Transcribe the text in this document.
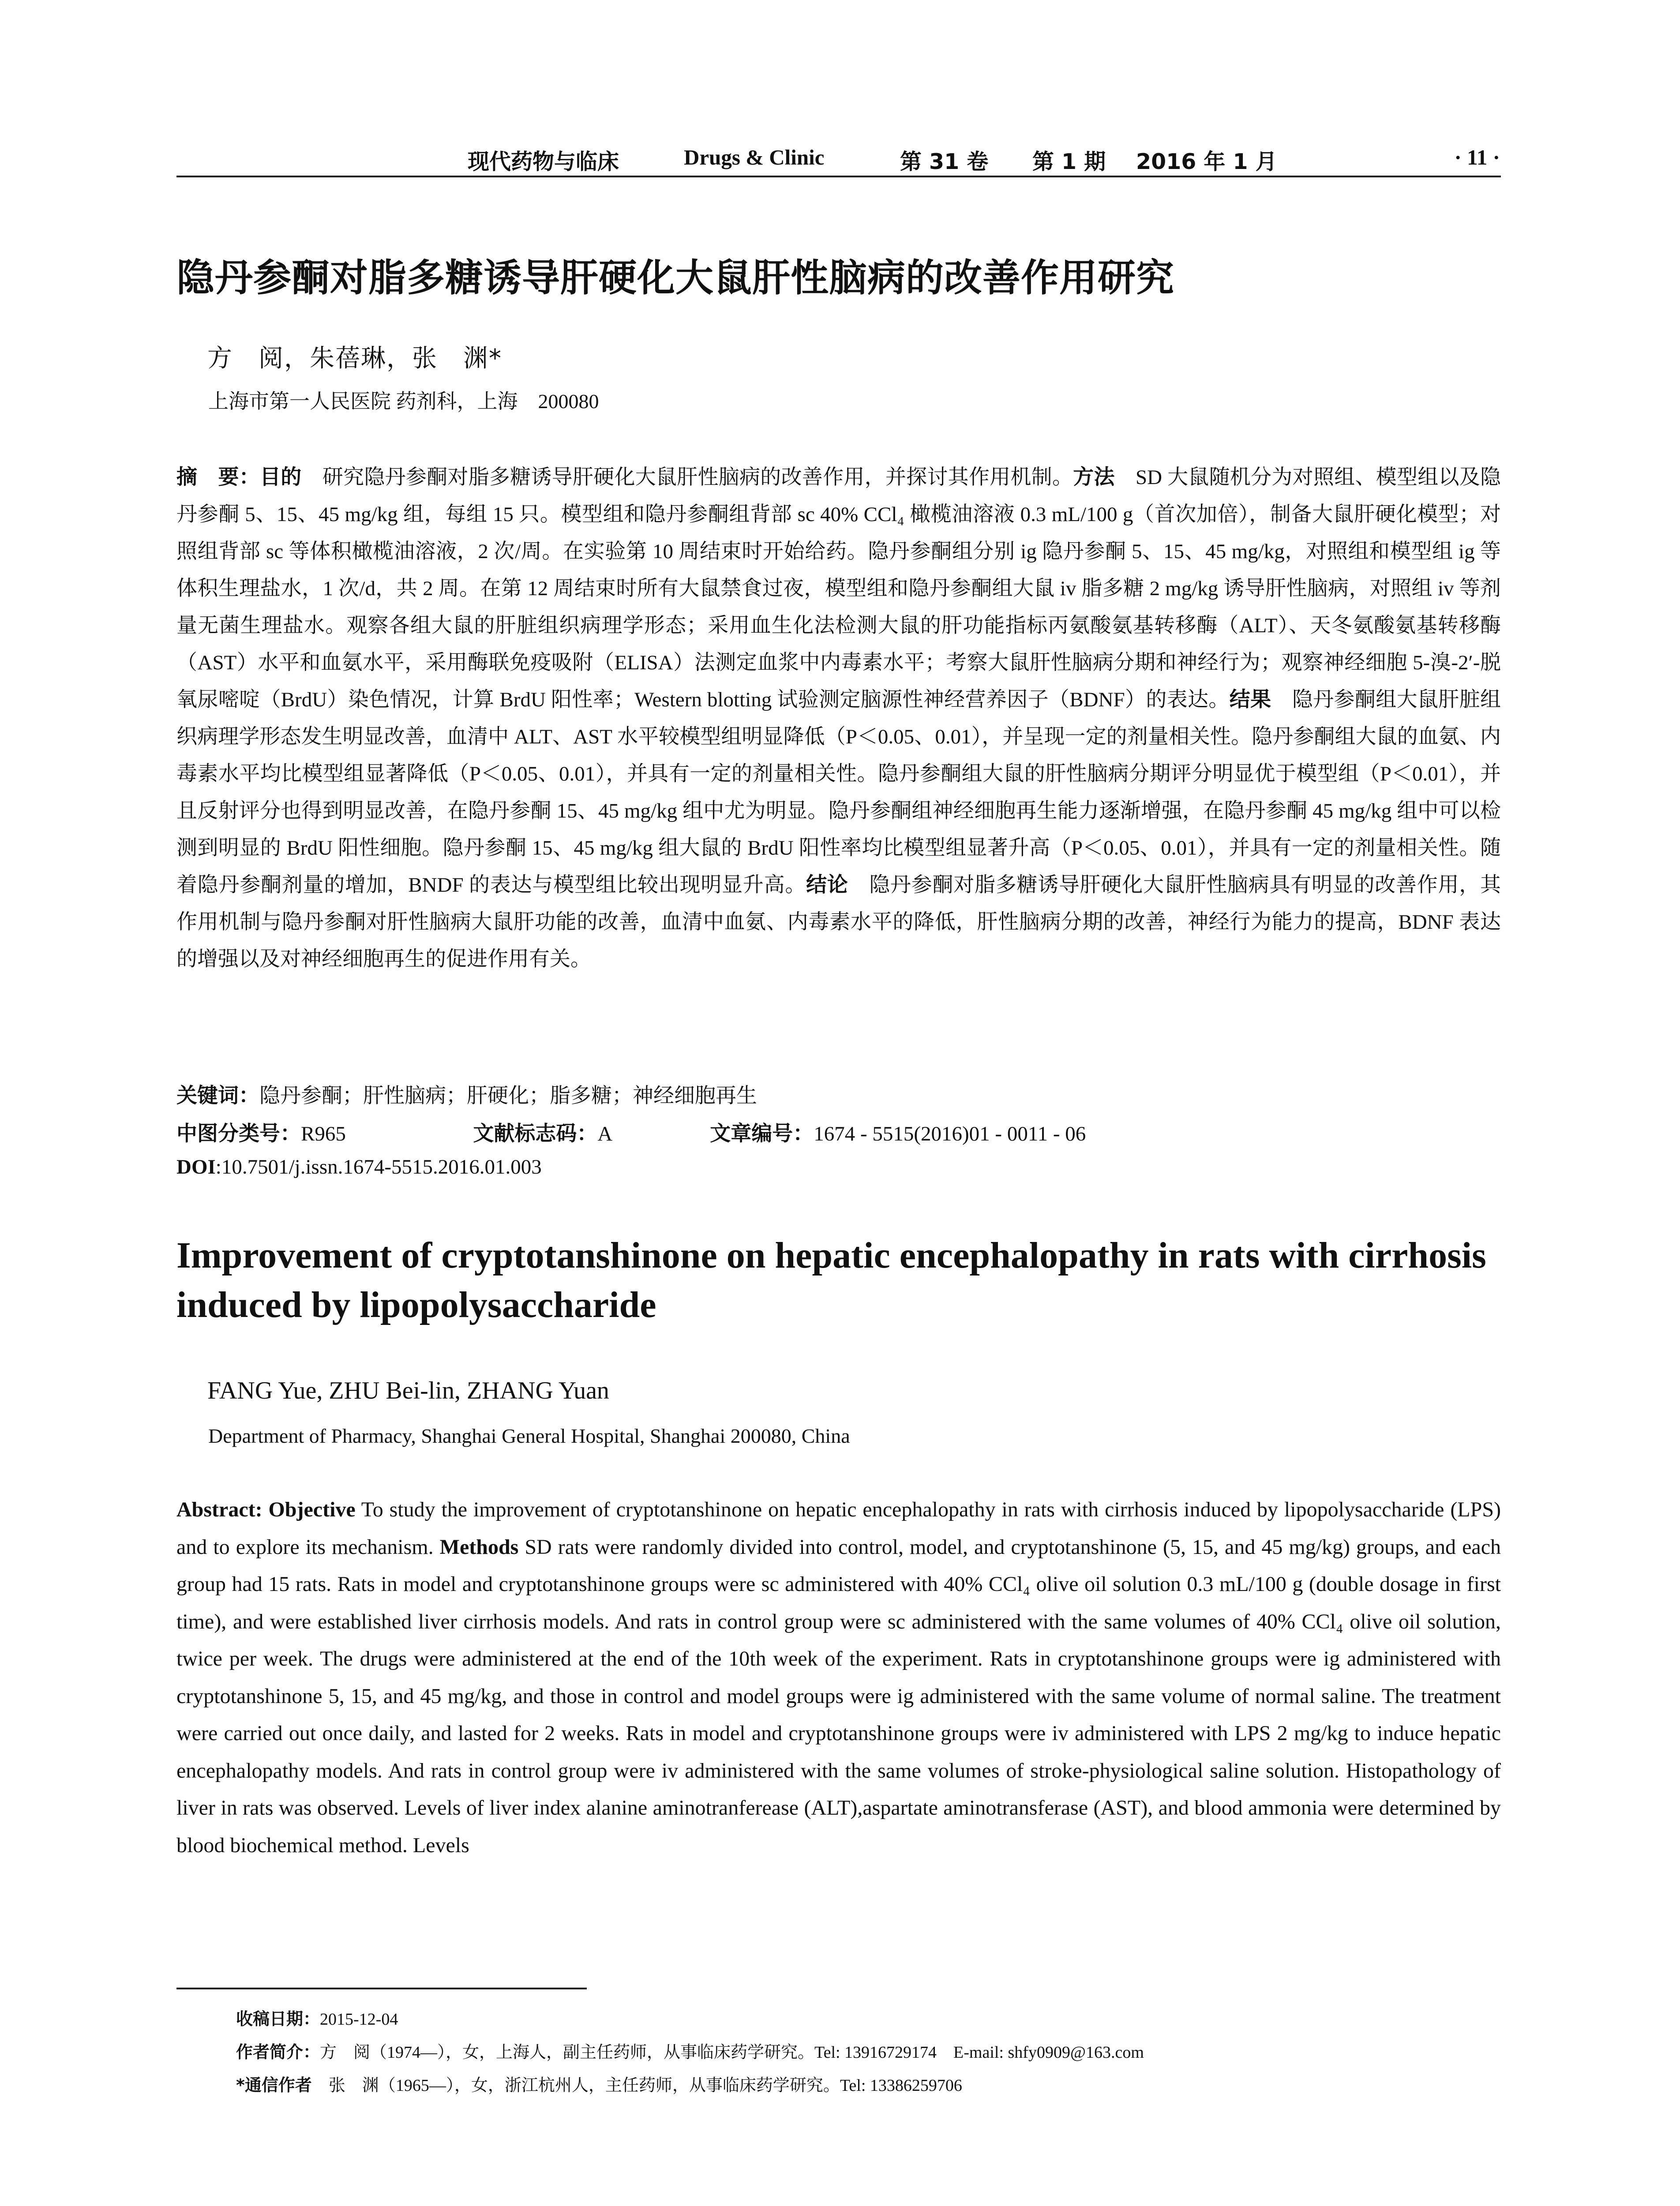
现代药物与临床	Drugs & Clinic	第 31 卷 第 1 期 2016 年 1 月	· 11 ·
隐丹参酮对脂多糖诱导肝硬化大鼠肝性脑病的改善作用研究
方　阅，朱蓓琳，张　渊*
上海市第一人民医院 药剂科，上海　200080
摘　要：目的　研究隐丹参酮对脂多糖诱导肝硬化大鼠肝性脑病的改善作用，并探讨其作用机制。方法　SD 大鼠随机分为对照组、模型组以及隐丹参酮 5、15、45 mg/kg 组，每组 15 只。模型组和隐丹参酮组背部 sc 40% CCl₄ 橄榄油溶液 0.3 mL/100 g（首次加倍），制备大鼠肝硬化模型；对照组背部 sc 等体积橄榄油溶液，2 次/周。在实验第 10 周结束时开始给药。隐丹参酮组分别 ig 隐丹参酮 5、15、45 mg/kg，对照组和模型组 ig 等体积生理盐水，1 次/d，共 2 周。在第 12 周结束时所有大鼠禁食过夜，模型组和隐丹参酮组大鼠 iv 脂多糖 2 mg/kg 诱导肝性脑病，对照组 iv 等剂量无菌生理盐水。观察各组大鼠的肝脏组织病理学形态；采用血生化法检测大鼠的肝功能指标丙氨酸氨基转移酶（ALT）、天冬氨酸氨基转移酶（AST）水平和血氨水平，采用酶联免疫吸附（ELISA）法测定血浆中内毒素水平；考察大鼠肝性脑病分期和神经行为；观察神经细胞 5-溴-2′-脱氧尿嘧啶（BrdU）染色情况，计算 BrdU 阳性率；Western blotting 试验测定脑源性神经营养因子（BDNF）的表达。结果　隐丹参酮组大鼠肝脏组织病理学形态发生明显改善，血清中 ALT、AST 水平较模型组明显降低（P＜0.05、0.01），并呈现一定的剂量相关性。隐丹参酮组大鼠的血氨、内毒素水平均比模型组显著降低（P＜0.05、0.01），并具有一定的剂量相关性。隐丹参酮组大鼠的肝性脑病分期评分明显优于模型组（P＜0.01），并且反射评分也得到明显改善，在隐丹参酮 15、45 mg/kg 组中尤为明显。隐丹参酮组神经细胞再生能力逐渐增强，在隐丹参酮 45 mg/kg 组中可以检测到明显的 BrdU 阳性细胞。隐丹参酮 15、45 mg/kg 组大鼠的 BrdU 阳性率均比模型组显著升高（P＜0.05、0.01），并具有一定的剂量相关性。随着隐丹参酮剂量的增加，BNDF 的表达与模型组比较出现明显升高。结论　隐丹参酮对脂多糖诱导肝硬化大鼠肝性脑病具有明显的改善作用，其作用机制与隐丹参酮对肝性脑病大鼠肝功能的改善，血清中血氨、内毒素水平的降低，肝性脑病分期的改善，神经行为能力的提高，BDNF 表达的增强以及对神经细胞再生的促进作用有关。
关键词：隐丹参酮；肝性脑病；肝硬化；脂多糖；神经细胞再生
中图分类号：R965	文献标志码：A	文章编号：1674 - 5515(2016)01 - 0011 - 06
DOI:10.7501/j.issn.1674-5515.2016.01.003
Improvement of cryptotanshinone on hepatic encephalopathy in rats with cirrhosis induced by lipopolysaccharide
FANG Yue, ZHU Bei-lin, ZHANG Yuan
Department of Pharmacy, Shanghai General Hospital, Shanghai 200080, China
Abstract: Objective To study the improvement of cryptotanshinone on hepatic encephalopathy in rats with cirrhosis induced by lipopolysaccharide (LPS) and to explore its mechanism. Methods SD rats were randomly divided into control, model, and cryptotanshinone (5, 15, and 45 mg/kg) groups, and each group had 15 rats. Rats in model and cryptotanshinone groups were sc administered with 40% CCl₄ olive oil solution 0.3 mL/100 g (double dosage in first time), and were established liver cirrhosis models. And rats in control group were sc administered with the same volumes of 40% CCl₄ olive oil solution, twice per week. The drugs were administered at the end of the 10th week of the experiment. Rats in cryptotanshinone groups were ig administered with cryptotanshinone 5, 15, and 45 mg/kg, and those in control and model groups were ig administered with the same volume of normal saline. The treatment were carried out once daily, and lasted for 2 weeks. Rats in model and cryptotanshinone groups were iv administered with LPS 2 mg/kg to induce hepatic encephalopathy models. And rats in control group were iv administered with the same volumes of stroke-physiological saline solution. Histopathology of liver in rats was observed. Levels of liver index alanine aminotranferease (ALT),aspartate aminotransferase (AST), and blood ammonia were determined by blood biochemical method. Levels
收稿日期：2015-12-04
作者简介：方　阅（1974—），女，上海人，副主任药师，从事临床药学研究。Tel: 13916729174　E-mail: shfy0909@163.com
*通信作者　张　渊（1965—），女，浙江杭州人，主任药师，从事临床药学研究。Tel: 13386259706
